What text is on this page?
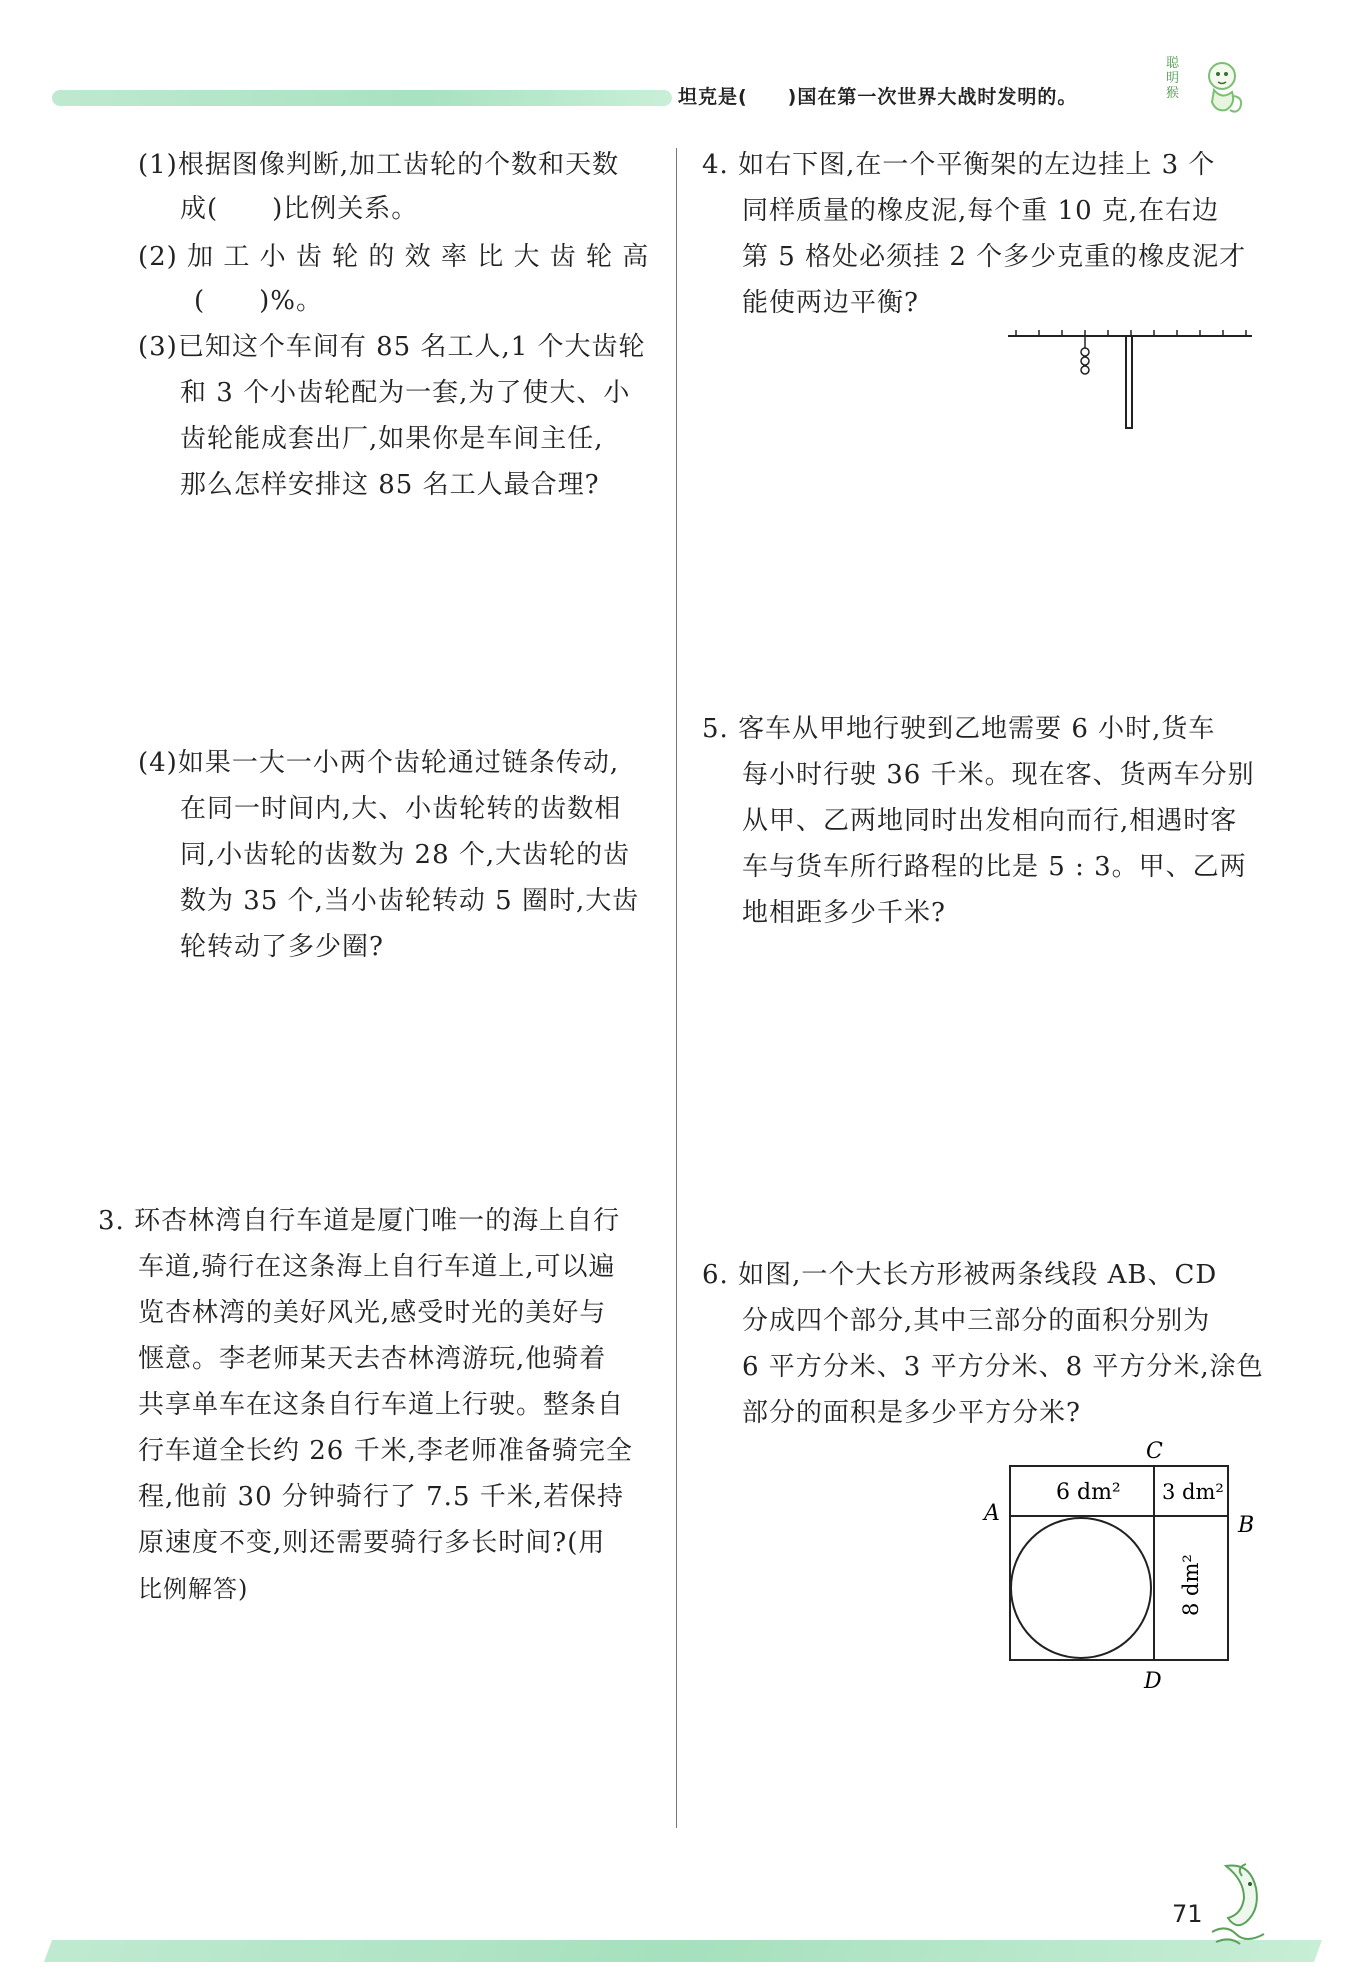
坦克是(　　)国在第一次世界大战时发明的。
聪明猴
(1)根据图像判断,加工齿轮的个数和天数
成(　　)比例关系。
(2) 加 工 小 齿 轮 的 效 率 比 大 齿 轮 高
(　　)%。
(3)已知这个车间有 85 名工人,1 个大齿轮
和 3 个小齿轮配为一套,为了使大、小
齿轮能成套出厂,如果你是车间主任,
那么怎样安排这 85 名工人最合理?
(4)如果一大一小两个齿轮通过链条传动,
在同一时间内,大、小齿轮转的齿数相
同,小齿轮的齿数为 28 个,大齿轮的齿
数为 35 个,当小齿轮转动 5 圈时,大齿
轮转动了多少圈?
3. 环杏林湾自行车道是厦门唯一的海上自行
车道,骑行在这条海上自行车道上,可以遍
览杏林湾的美好风光,感受时光的美好与
惬意。李老师某天去杏林湾游玩,他骑着
共享单车在这条自行车道上行驶。整条自
行车道全长约 26 千米,李老师准备骑完全
程,他前 30 分钟骑行了 7.5 千米,若保持
原速度不变,则还需要骑行多长时间?(用
比例解答)
4. 如右下图,在一个平衡架的左边挂上 3 个
同样质量的橡皮泥,每个重 10 克,在右边
第 5 格处必须挂 2 个多少克重的橡皮泥才
能使两边平衡?
5. 客车从甲地行驶到乙地需要 6 小时,货车
每小时行驶 36 千米。现在客、货两车分别
从甲、乙两地同时出发相向而行,相遇时客
车与货车所行路程的比是 5 : 3。甲、乙两
地相距多少千米?
6. 如图,一个大长方形被两条线段 AB、CD
分成四个部分,其中三部分的面积分别为
6 平方分米、3 平方分米、8 平方分米,涂色
部分的面积是多少平方分米?
C
A	B
D
6 dm² 3 dm²
8 dm²
71
